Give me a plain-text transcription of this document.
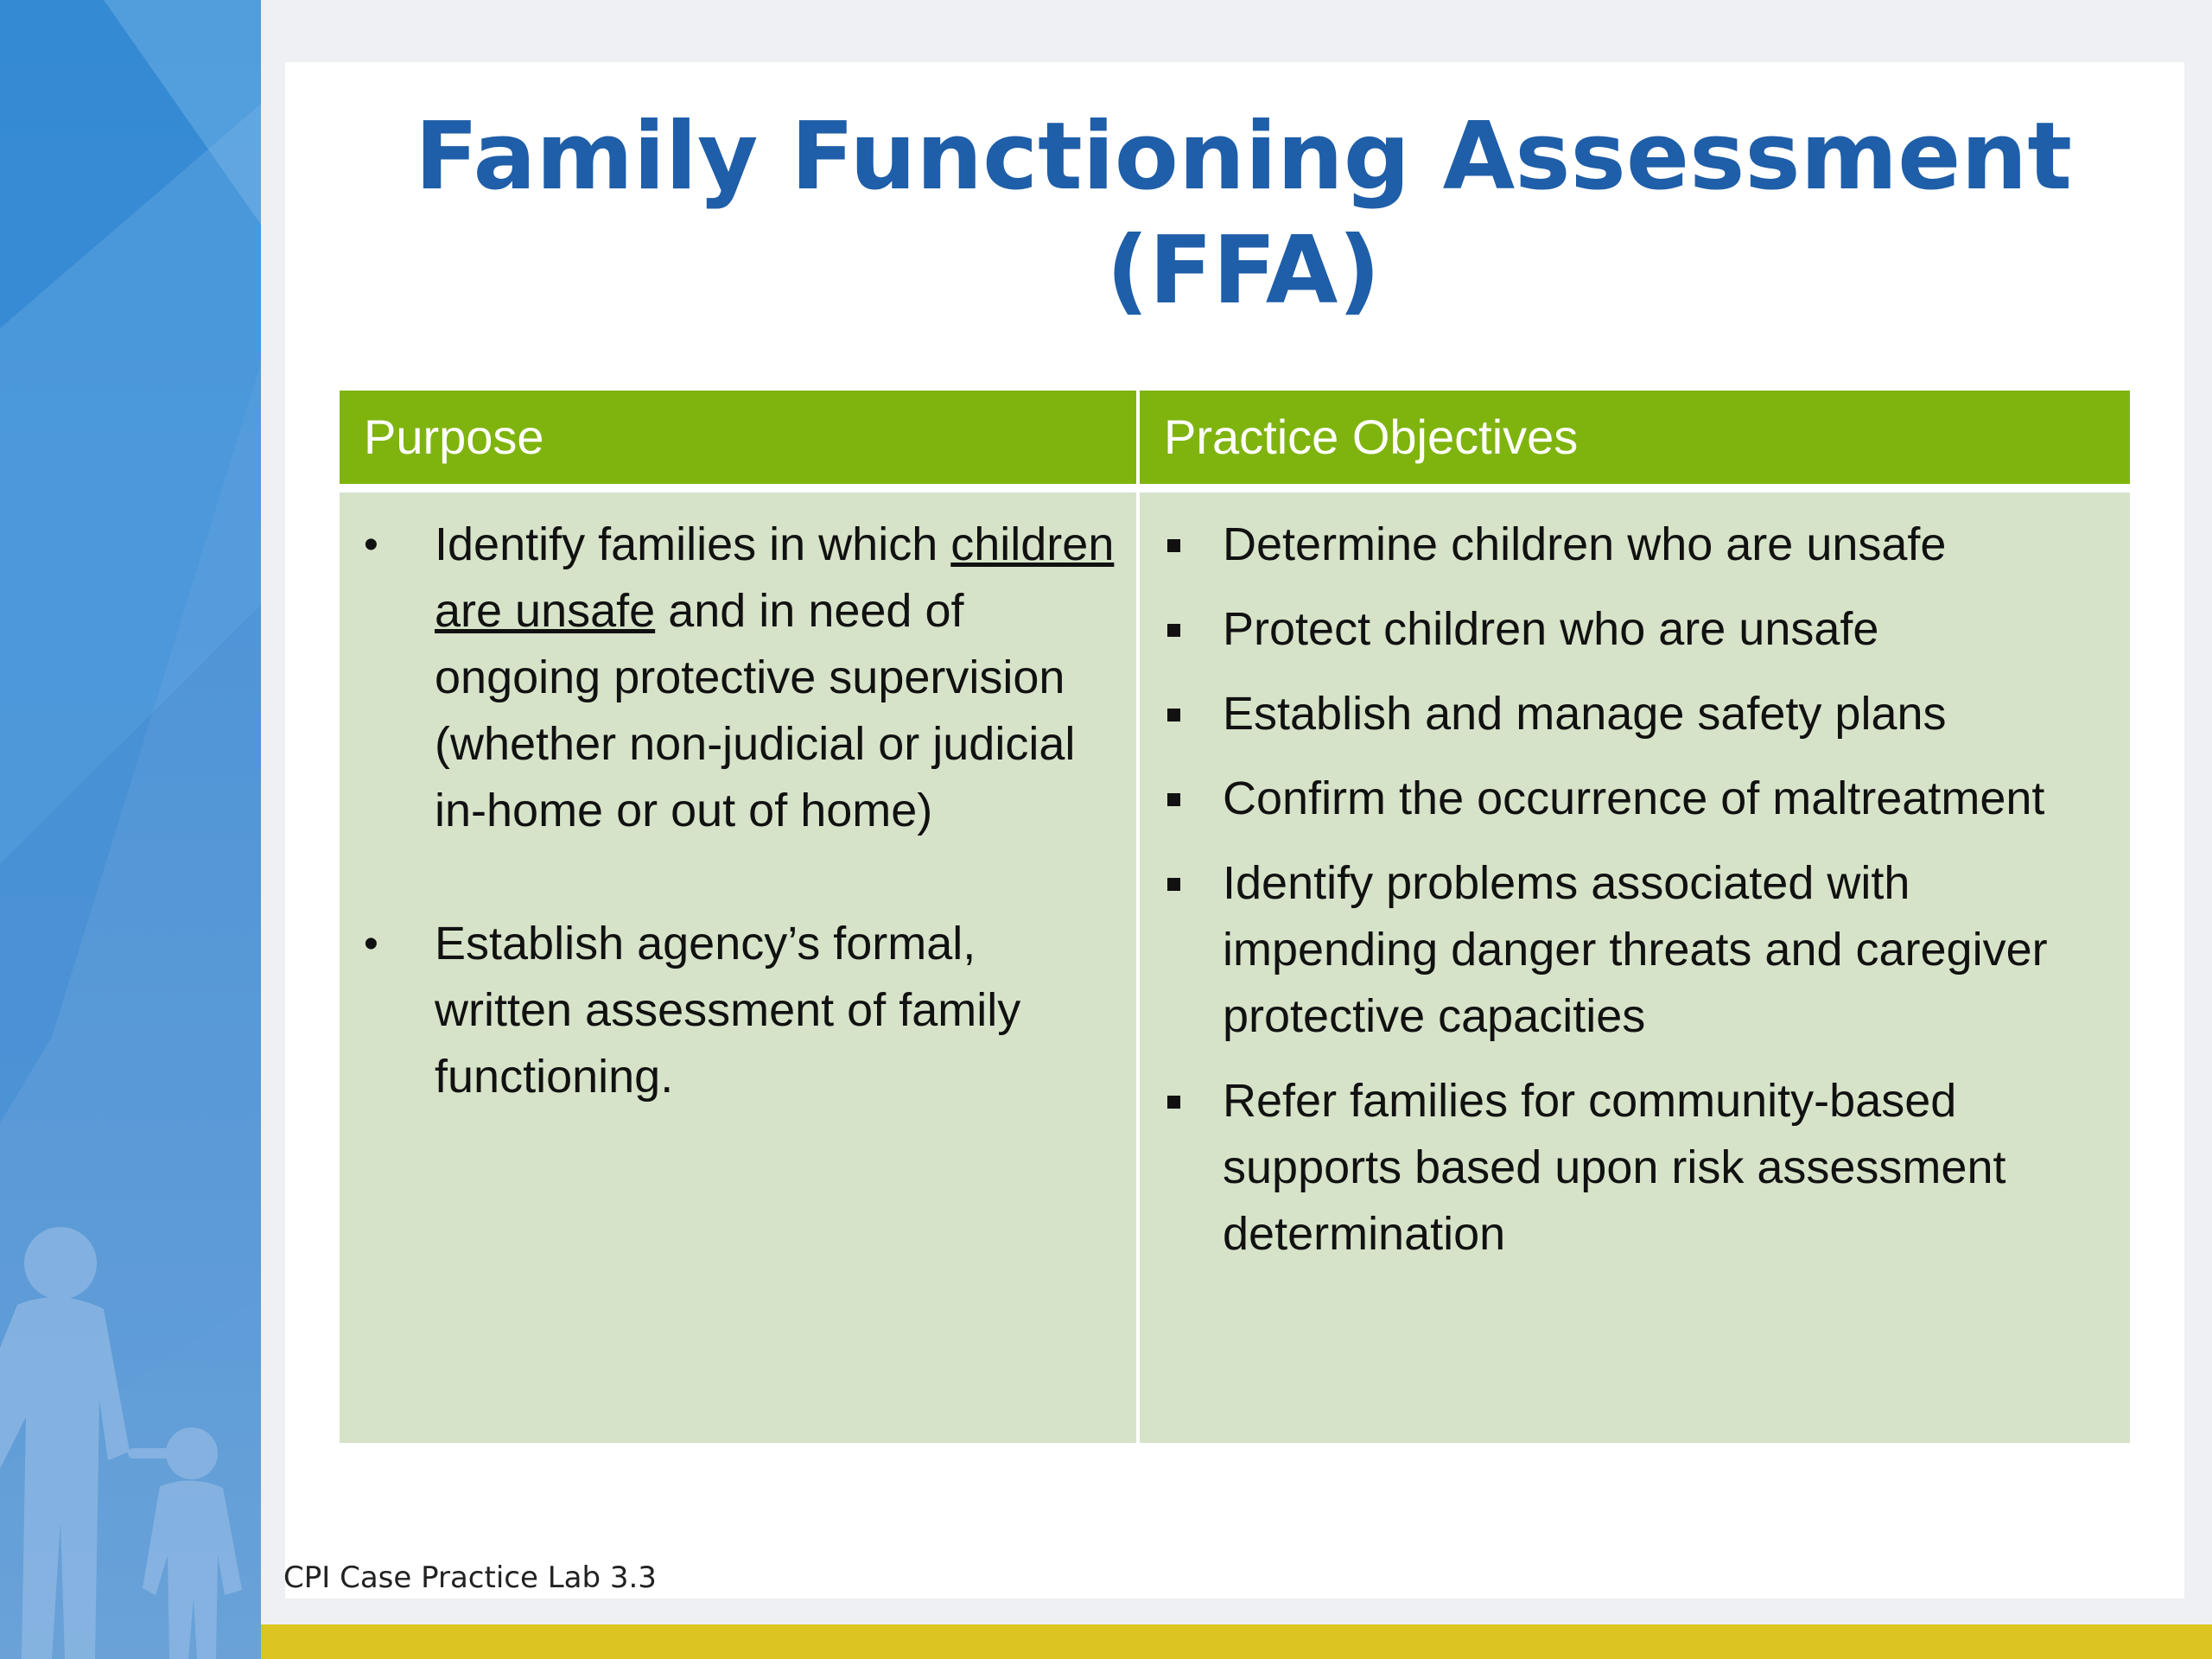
Family Functioning Assessment
(FFA)
Purpose	Practice Objectives
• Identify families in which children are unsafe and in need of ongoing protective supervision (whether non-judicial or judicial in-home or out of home)
• Establish agency’s formal, written assessment of family functioning.
Determine children who are unsafe
Protect children who are unsafe
Establish and manage safety plans
Confirm the occurrence of maltreatment
Identify problems associated with impending danger threats and caregiver protective capacities
Refer families for community-based supports based upon risk assessment determination
CPI Case Practice Lab 3.3
